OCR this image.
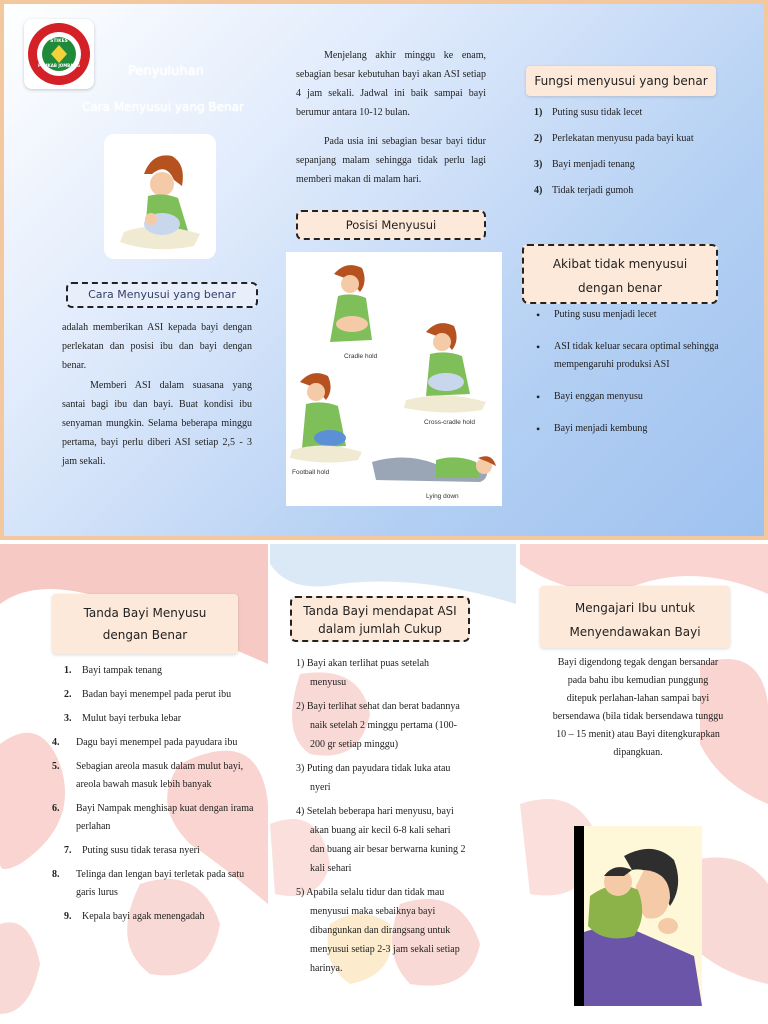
STIKES
PEMKAB JOMBANG	Penyuluhan
Cara Menyusui yang Benar
Cara Menyusui yang benar

adalah memberikan ASI kepada bayi dengan perlekatan dan posisi ibu dan bayi dengan benar.

Memberi ASI dalam suasana yang santai bagi ibu dan bayi. Buat kondisi ibu senyaman mungkin. Selama beberapa minggu pertama, bayi perlu diberi ASI setiap 2,5 - 3 jam sekali.

Menjelang akhir minggu ke enam, sebagian besar kebutuhan bayi akan ASI setiap 4 jam sekali. Jadwal ini baik sampai bayi berumur antara 10-12 bulan.

Pada usia ini sebagian besar bayi tidur sepanjang malam sehingga tidak perlu lagi memberi makan di malam hari.

Posisi Menyusui
Cradle hold
Cross-cradle hold
Football hold
Lying down
Fungsi menyusui yang benar
1) Puting susu tidak lecet
2) Perlekatan menyusu pada bayi kuat
3) Bayi menjadi tenang
4) Tidak terjadi gumoh
Akibat tidak menyusui
dengan benar
• Puting susu menjadi lecet
• ASI tidak keluar secara optimal sehingga mempengaruhi produksi ASI
• Bayi enggan menyusu
• Bayi menjadi kembung
Tanda Bayi Menyusu
dengan Benar
1. Bayi tampak tenang
2. Badan bayi menempel pada perut ibu
3. Mulut bayi terbuka lebar
4. Dagu bayi menempel pada payudara ibu
5. Sebagian areola masuk dalam mulut bayi, areola bawah masuk lebih banyak
6. Bayi Nampak menghisap kuat dengan irama perlahan
7. Puting susu tidak terasa nyeri
8. Telinga dan lengan bayi terletak pada satu garis lurus
9. Kepala bayi agak menengadah
Tanda Bayi mendapat ASI
dalam jumlah Cukup
1) Bayi akan terlihat puas setelah menyusu
2) Bayi terlihat sehat dan berat badannya naik setelah 2 minggu pertama (100-200 gr setiap minggu)
3) Puting dan payudara tidak luka atau nyeri
4) Setelah beberapa hari menyusu, bayi akan buang air kecil 6-8 kali sehari dan buang air besar berwarna kuning 2 kali sehari
5) Apabila selalu tidur dan tidak mau menyusui maka sebaiknya bayi dibangunkan dan dirangsang untuk menyusui setiap 2-3 jam sekali setiap harinya.
Mengajari Ibu untuk
Menyendawakan Bayi

Bayi digendong tegak dengan bersandar pada bahu ibu kemudian punggung ditepuk perlahan-lahan sampai bayi bersendawa (bila tidak bersendawa tunggu 10 – 15 menit) atau Bayi ditengkurapkan dipangkuan.
